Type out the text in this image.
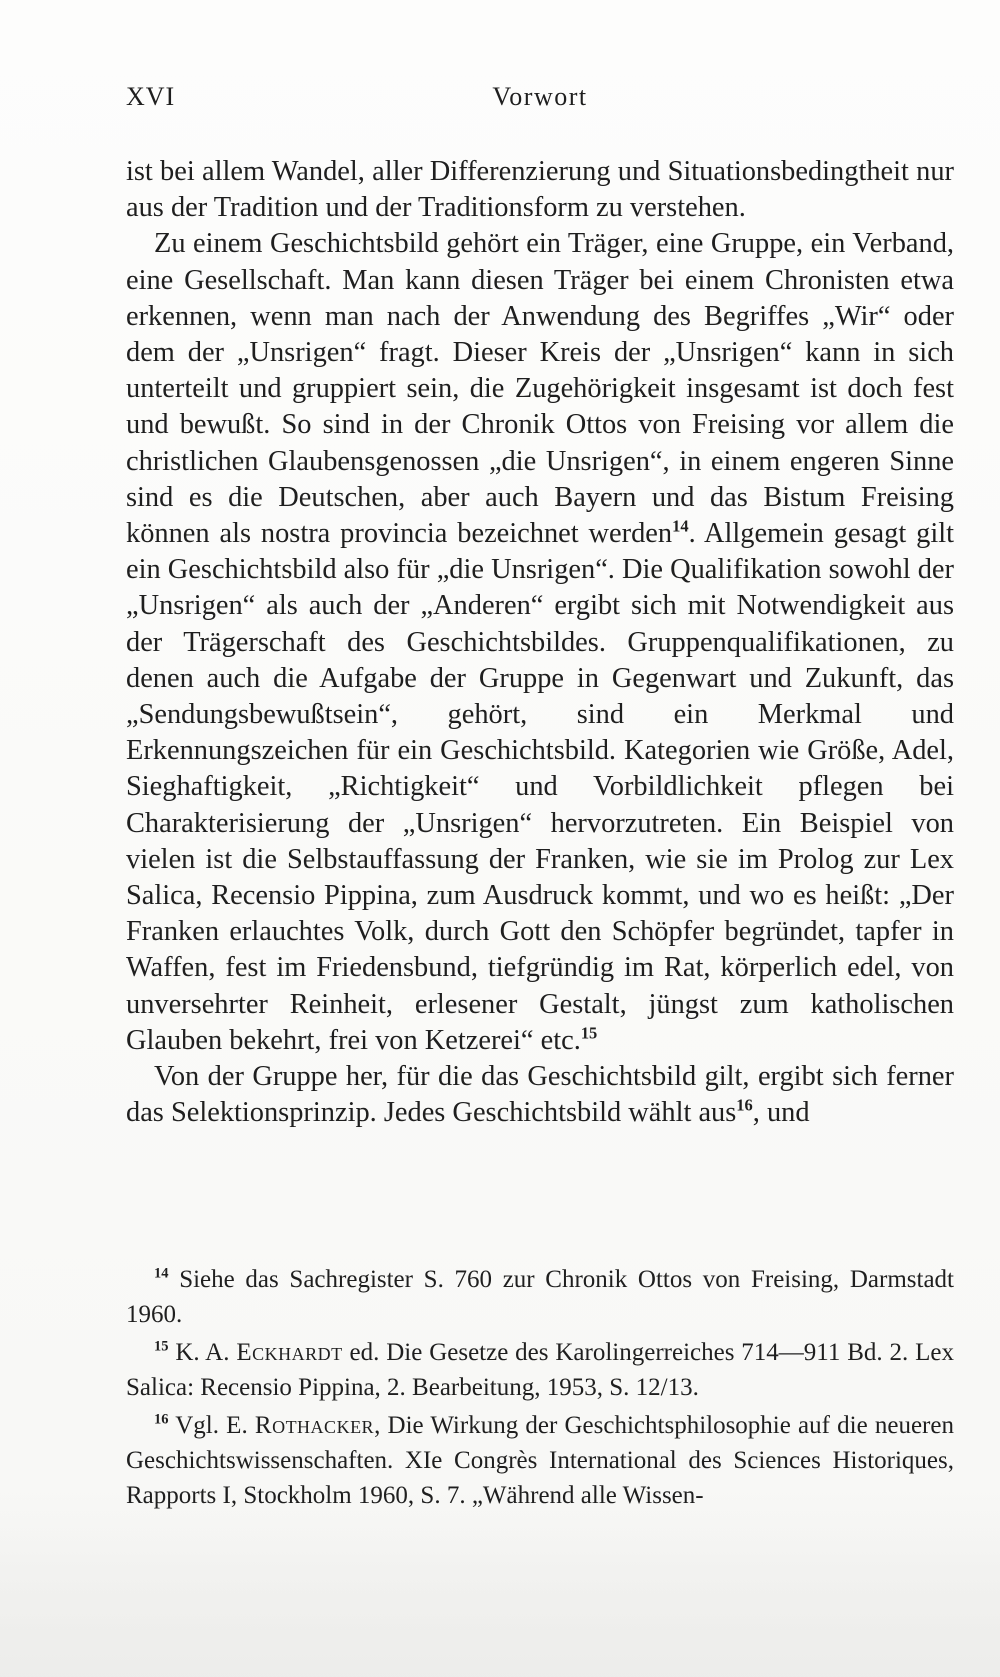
XVI	Vorwort

ist bei allem Wandel, aller Differenzierung und Situationsbedingtheit nur aus der Tradition und der Traditionsform zu verstehen.

Zu einem Geschichtsbild gehört ein Träger, eine Gruppe, ein Verband, eine Gesellschaft. Man kann diesen Träger bei einem Chronisten etwa erkennen, wenn man nach der Anwendung des Begriffes „Wir“ oder dem der „Unsrigen“ fragt. Dieser Kreis der „Unsrigen“ kann in sich unterteilt und gruppiert sein, die Zugehörigkeit insgesamt ist doch fest und bewußt. So sind in der Chronik Ottos von Freising vor allem die christlichen Glaubensgenossen „die Unsrigen“, in einem engeren Sinne sind es die Deutschen, aber auch Bayern und das Bistum Freising können als nostra provincia bezeichnet werden$^{14}$. Allgemein gesagt gilt ein Geschichtsbild also für „die Unsrigen“. Die Qualifikation sowohl der „Unsrigen“ als auch der „Anderen“ ergibt sich mit Notwendigkeit aus der Trägerschaft des Geschichtsbildes. Gruppenqualifikationen, zu denen auch die Aufgabe der Gruppe in Gegenwart und Zukunft, das „Sendungsbewußtsein“, gehört, sind ein Merkmal und Erkennungszeichen für ein Geschichtsbild. Kategorien wie Größe, Adel, Sieghaftigkeit, „Richtigkeit“ und Vorbildlichkeit pflegen bei Charakterisierung der „Unsrigen“ hervorzutreten. Ein Beispiel von vielen ist die Selbstauffassung der Franken, wie sie im Prolog zur Lex Salica, Recensio Pippina, zum Ausdruck kommt, und wo es heißt: „Der Franken erlauchtes Volk, durch Gott den Schöpfer begründet, tapfer in Waffen, fest im Friedensbund, tiefgründig im Rat, körperlich edel, von unversehrter Reinheit, erlesener Gestalt, jüngst zum katholischen Glauben bekehrt, frei von Ketzerei“ etc.$^{15}$

Von der Gruppe her, für die das Geschichtsbild gilt, ergibt sich ferner das Selektionsprinzip. Jedes Geschichtsbild wählt aus$^{16}$, und

$^{14}$ Siehe das Sachregister S. 760 zur Chronik Ottos von Freising, Darmstadt 1960.

$^{15}$ K. A. Eckhardt ed. Die Gesetze des Karolingerreiches 714—911 Bd. 2. Lex Salica: Recensio Pippina, 2. Bearbeitung, 1953, S. 12/13.

$^{16}$ Vgl. E. Rothacker, Die Wirkung der Geschichtsphilosophie auf die neueren Geschichtswissenschaften. XIe Congrès International des Sciences Historiques, Rapports I, Stockholm 1960, S. 7. „Während alle Wissen-
